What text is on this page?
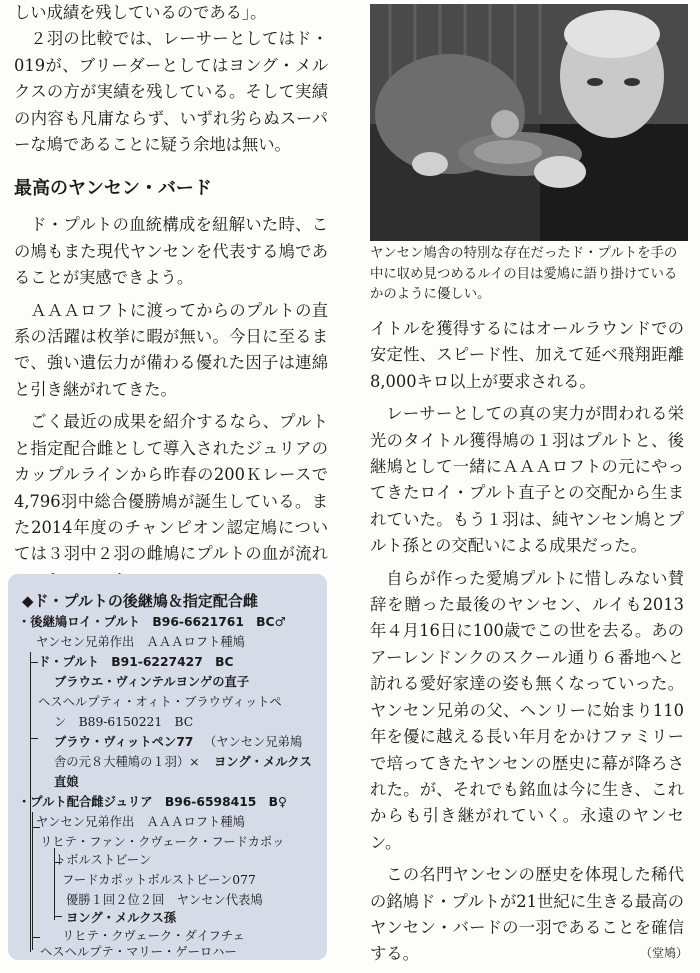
しい成績を残しているのである」。

２羽の比較では、レーサーとしてはド・019が、ブリーダーとしてはヨング・メルクスの方が実績を残している。そして実績の内容も凡庸ならず、いずれ劣らぬスーパーな鳩であることに疑う余地は無い。

最高のヤンセン・バード

ド・プルトの血統構成を紐解いた時、この鳩もまた現代ヤンセンを代表する鳩であることが実感できよう。

ＡＡＡロフトに渡ってからのプルトの直系の活躍は枚挙に暇が無い。今日に至るまで、強い遺伝力が備わる優れた因子は連綿と引き継がれてきた。

ごく最近の成果を紹介するなら、プルトと指定配合雌として導入されたジュリアのカップルラインから昨春の200Ｋレースで4,796羽中総合優勝鳩が誕生している。また2014年度のチャンピオン認定鳩については３羽中２羽の雌鳩にプルトの血が流れ

ヤンセン鳩舎の特別な存在だったド・プルトを手の中に収め見つめるルイの目は愛鳩に語り掛けているかのように優しい。

イトルを獲得するにはオールラウンドでの安定性、スピード性、加えて延べ飛翔距離8,000キロ以上が要求される。

レーサーとしての真の実力が問われる栄光のタイトル獲得鳩の１羽はプルトと、後継鳩として一緒にＡＡＡロフトの元にやってきたロイ・プルト直子との交配から生まれていた。もう１羽は、純ヤンセン鳩とプルト孫との交配いによる成果だった。

自らが作った愛鳩プルトに惜しみない賛辞を贈った最後のヤンセン、ルイも2013年４月16日に100歳でこの世を去る。あのアーレンドンクのスクール通り６番地へと訪れる愛好家達の姿も無くなっていった。ヤンセン兄弟の父、ヘンリーに始まり110年を優に越える長い年月をかけファミリーで培ってきたヤンセンの歴史に幕が降ろされた。が、それでも銘血は今に生き、これからも引き継がれていく。永遠のヤンセン。

この名門ヤンセンの歴史を体現した稀代の銘鳩ド・プルトが21世紀に生きる最高のヤンセン・バードの一羽であることを確信する。	（堂鳩）

◆ド・プルトの後継鳩＆指定配合雌

・後継鳩ロイ・プルト　B96-6621761　BC♂

ヤンセン兄弟作出　ＡＡＡロフト種鳩

ド・プルト　B91-6227427　BC

ブラウエ・ヴィンテルヨンゲの直子

ヘスヘルプティ・オィト・ブラウヴィットペ

ン　B89-6150221　BC

ブラウ・ヴィットペン77 （ヤンセン兄弟鳩

舎の元８大種鳩の１羽）× ヨング・メルクス

直娘

・プルト配合雌ジュリア　B96-6598415　B♀

ヤンセン兄弟作出　ＡＡＡロフト種鳩

リヒテ・ファン・クヴェーク・フードカポッ

トボルストビーン

フードカポットボルストビーン077

優勝１回２位２回　ヤンセン代表鳩

ヨング・メルクス孫

リヒテ・クヴェーク・ダイフチェ

ヘスヘルプテ・マリー・ゲーロハー
